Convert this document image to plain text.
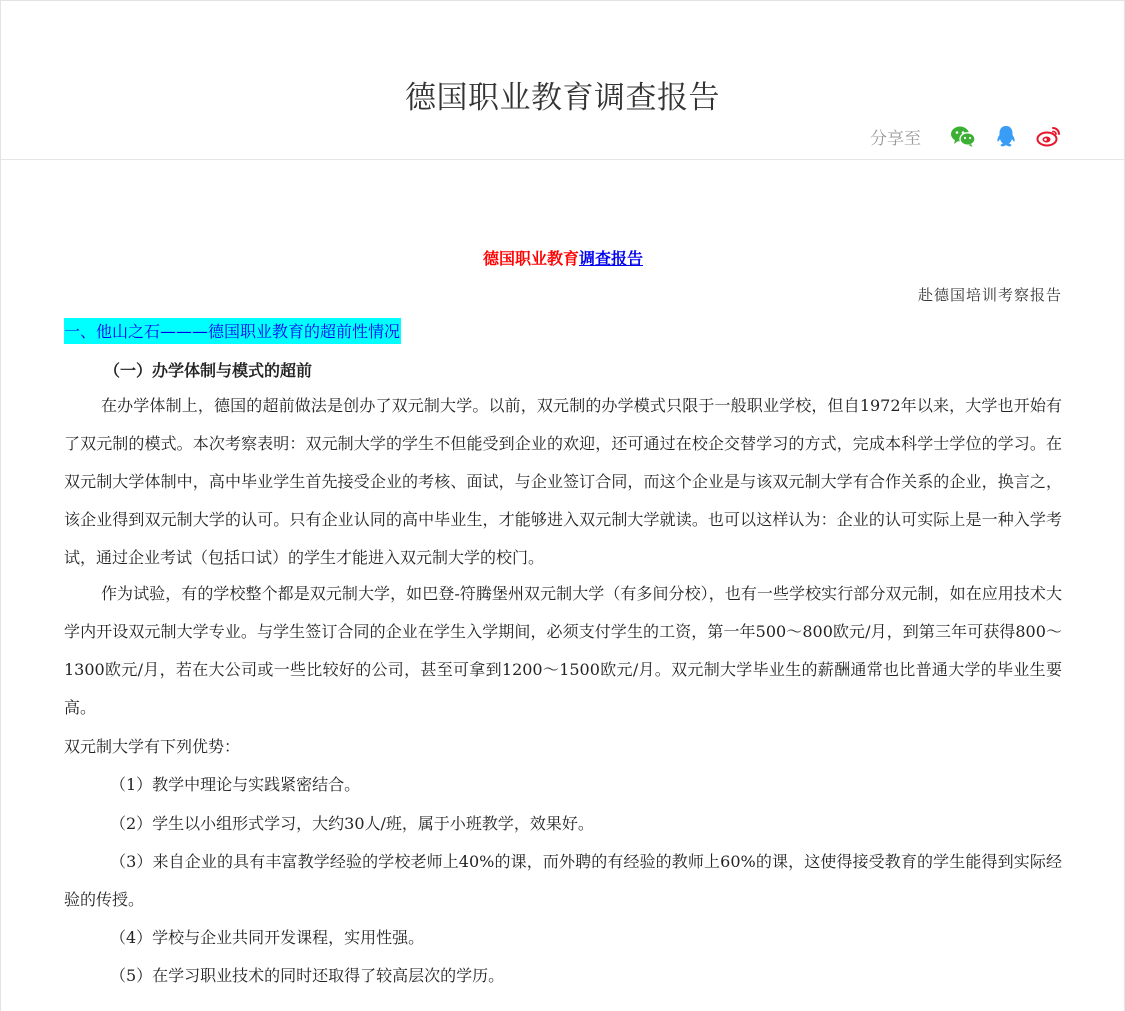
德国职业教育调查报告
分享至
德国职业教育调查报告
赴德国培训考察报告
一、他山之石———德国职业教育的超前性情况
（一）办学体制与模式的超前

在办学体制上，德国的超前做法是创办了双元制大学。以前，双元制的办学模式只限于一般职业学校，但自1972年以来，大学也开始有了双元制的模式。本次考察表明：双元制大学的学生不但能受到企业的欢迎，还可通过在校企交替学习的方式，完成本科学士学位的学习。在双元制大学体制中，高中毕业学生首先接受企业的考核、面试，与企业签订合同，而这个企业是与该双元制大学有合作关系的企业，换言之，该企业得到双元制大学的认可。只有企业认同的高中毕业生，才能够进入双元制大学就读。也可以这样认为：企业的认可实际上是一种入学考试，通过企业考试（包括口试）的学生才能进入双元制大学的校门。

作为试验，有的学校整个都是双元制大学，如巴登-符腾堡州双元制大学（有多间分校），也有一些学校实行部分双元制，如在应用技术大学内开设双元制大学专业。与学生签订合同的企业在学生入学期间，必须支付学生的工资，第一年500～800欧元/月，到第三年可获得800～1300欧元/月，若在大公司或一些比较好的公司，甚至可拿到1200～1500欧元/月。双元制大学毕业生的薪酬通常也比普通大学的毕业生要高。

双元制大学有下列优势：
（1）教学中理论与实践紧密结合。
（2）学生以小组形式学习，大约30人/班，属于小班教学，效果好。
（3）来自企业的具有丰富教学经验的学校老师上40%的课，而外聘的有经验的教师上60%的课，这使得接受教育的学生能得到实际经验的传授。
（4）学校与企业共同开发课程，实用性强。
（5）在学习职业技术的同时还取得了较高层次的学历。
